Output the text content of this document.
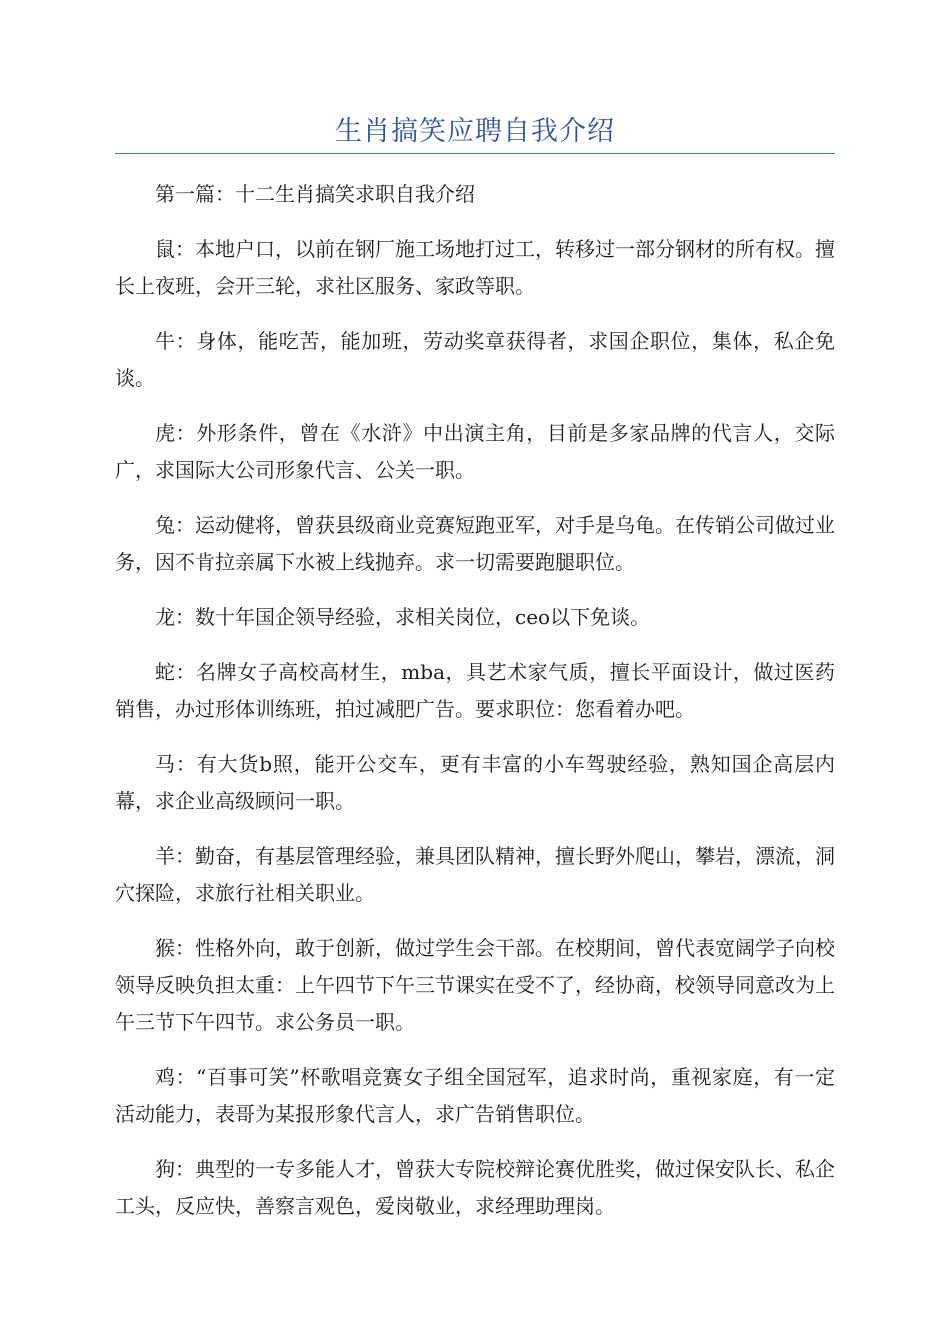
生肖搞笑应聘自我介绍

第一篇：十二生肖搞笑求职自我介绍

鼠：本地户口，以前在钢厂施工场地打过工，转移过一部分钢材的所有权。擅长上夜班，会开三轮，求社区服务、家政等职。

牛：身体，能吃苦，能加班，劳动奖章获得者，求国企职位，集体，私企免谈。

虎：外形条件，曾在《水浒》中出演主角，目前是多家品牌的代言人，交际广，求国际大公司形象代言、公关一职。

兔：运动健将，曾获县级商业竞赛短跑亚军，对手是乌龟。在传销公司做过业务，因不肯拉亲属下水被上线抛弃。求一切需要跑腿职位。

龙：数十年国企领导经验，求相关岗位，ceo以下免谈。

蛇：名牌女子高校高材生，mba，具艺术家气质，擅长平面设计，做过医药销售，办过形体训练班，拍过减肥广告。要求职位：您看着办吧。

马：有大货b照，能开公交车，更有丰富的小车驾驶经验，熟知国企高层内幕，求企业高级顾问一职。

羊：勤奋，有基层管理经验，兼具团队精神，擅长野外爬山，攀岩，漂流，洞穴探险，求旅行社相关职业。

猴：性格外向，敢于创新，做过学生会干部。在校期间，曾代表宽阔学子向校领导反映负担太重：上午四节下午三节课实在受不了，经协商，校领导同意改为上午三节下午四节。求公务员一职。

鸡：“百事可笑”杯歌唱竞赛女子组全国冠军，追求时尚，重视家庭，有一定活动能力，表哥为某报形象代言人，求广告销售职位。

狗：典型的一专多能人才，曾获大专院校辩论赛优胜奖，做过保安队长、私企工头，反应快，善察言观色，爱岗敬业，求经理助理岗。
